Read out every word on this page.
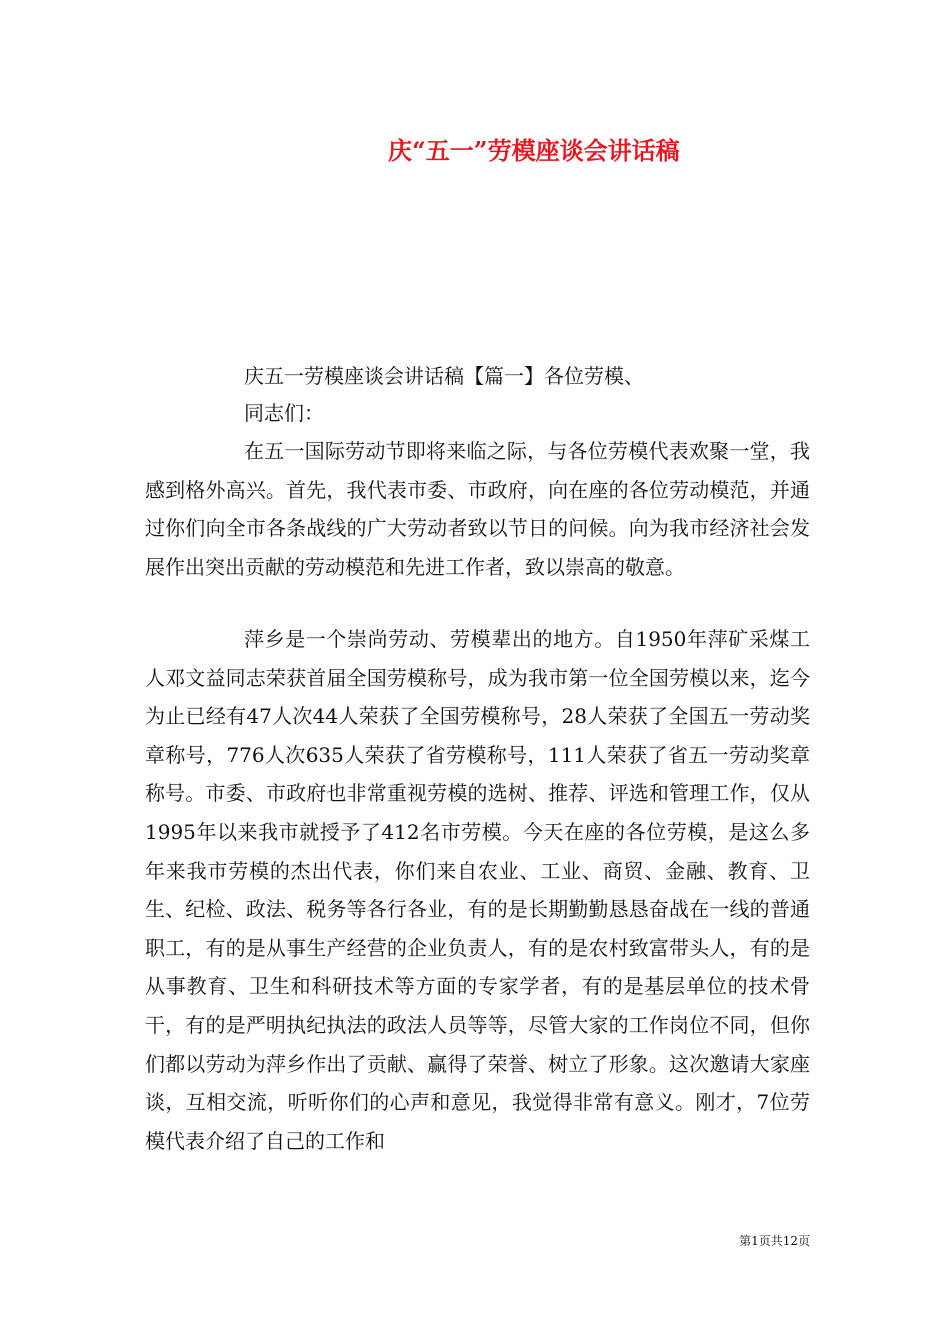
庆“五一”劳模座谈会讲话稿
庆五一劳模座谈会讲话稿【篇一】各位劳模、
同志们：

在五一国际劳动节即将来临之际，与各位劳模代表欢聚一堂，我感到格外高兴。首先，我代表市委、市政府，向在座的各位劳动模范，并通过你们向全市各条战线的广大劳动者致以节日的问候。向为我市经济社会发展作出突出贡献的劳动模范和先进工作者，致以崇高的敬意。

萍乡是一个崇尚劳动、劳模辈出的地方。自1950年萍矿采煤工人邓文益同志荣获首届全国劳模称号，成为我市第一位全国劳模以来，迄今为止已经有47人次44人荣获了全国劳模称号，28人荣获了全国五一劳动奖章称号，776人次635人荣获了省劳模称号，111人荣获了省五一劳动奖章称号。市委、市政府也非常重视劳模的选树、推荐、评选和管理工作，仅从1995年以来我市就授予了412名市劳模。今天在座的各位劳模，是这么多年来我市劳模的杰出代表，你们来自农业、工业、商贸、金融、教育、卫生、纪检、政法、税务等各行各业，有的是长期勤勤恳恳奋战在一线的普通职工，有的是从事生产经营的企业负责人，有的是农村致富带头人，有的是从事教育、卫生和科研技术等方面的专家学者，有的是基层单位的技术骨干，有的是严明执纪执法的政法人员等等，尽管大家的工作岗位不同，但你们都以劳动为萍乡作出了贡献、赢得了荣誉、树立了形象。这次邀请大家座谈，互相交流，听听你们的心声和意见，我觉得非常有意义。刚才，7位劳模代表介绍了自己的工作和

第1页共12页
